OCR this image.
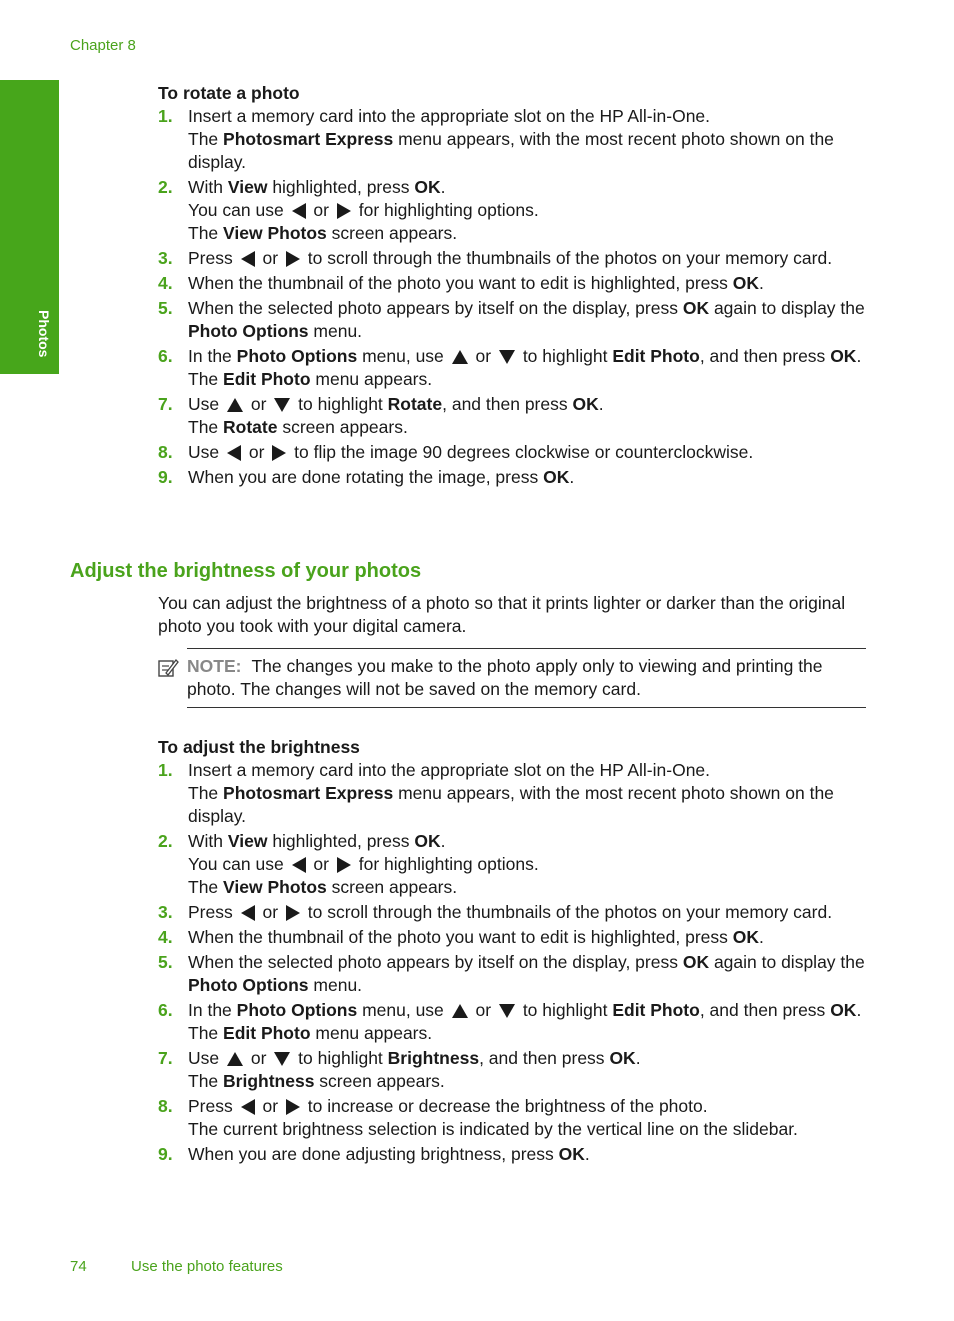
Chapter 8
Photos
To rotate a photo
1. Insert a memory card into the appropriate slot on the HP All-in-One.
The Photosmart Express menu appears, with the most recent photo shown on the display.
2. With View highlighted, press OK.
You can use  or  for highlighting options.
The View Photos screen appears.
3. Press  or  to scroll through the thumbnails of the photos on your memory card.
4. When the thumbnail of the photo you want to edit is highlighted, press OK.
5. When the selected photo appears by itself on the display, press OK again to display the Photo Options menu.
6. In the Photo Options menu, use  or  to highlight Edit Photo, and then press OK.
The Edit Photo menu appears.
7. Use  or  to highlight Rotate, and then press OK.
The Rotate screen appears.
8. Use  or  to flip the image 90 degrees clockwise or counterclockwise.
9. When you are done rotating the image, press OK.
Adjust the brightness of your photos
You can adjust the brightness of a photo so that it prints lighter or darker than the original photo you took with your digital camera.
NOTE: The changes you make to the photo apply only to viewing and printing the photo. The changes will not be saved on the memory card.
To adjust the brightness
1. Insert a memory card into the appropriate slot on the HP All-in-One.
The Photosmart Express menu appears, with the most recent photo shown on the display.
2. With View highlighted, press OK.
You can use  or  for highlighting options.
The View Photos screen appears.
3. Press  or  to scroll through the thumbnails of the photos on your memory card.
4. When the thumbnail of the photo you want to edit is highlighted, press OK.
5. When the selected photo appears by itself on the display, press OK again to display the Photo Options menu.
6. In the Photo Options menu, use  or  to highlight Edit Photo, and then press OK.
The Edit Photo menu appears.
7. Use  or  to highlight Brightness, and then press OK.
The Brightness screen appears.
8. Press  or  to increase or decrease the brightness of the photo.
The current brightness selection is indicated by the vertical line on the slidebar.
9. When you are done adjusting brightness, press OK.
74	Use the photo features
